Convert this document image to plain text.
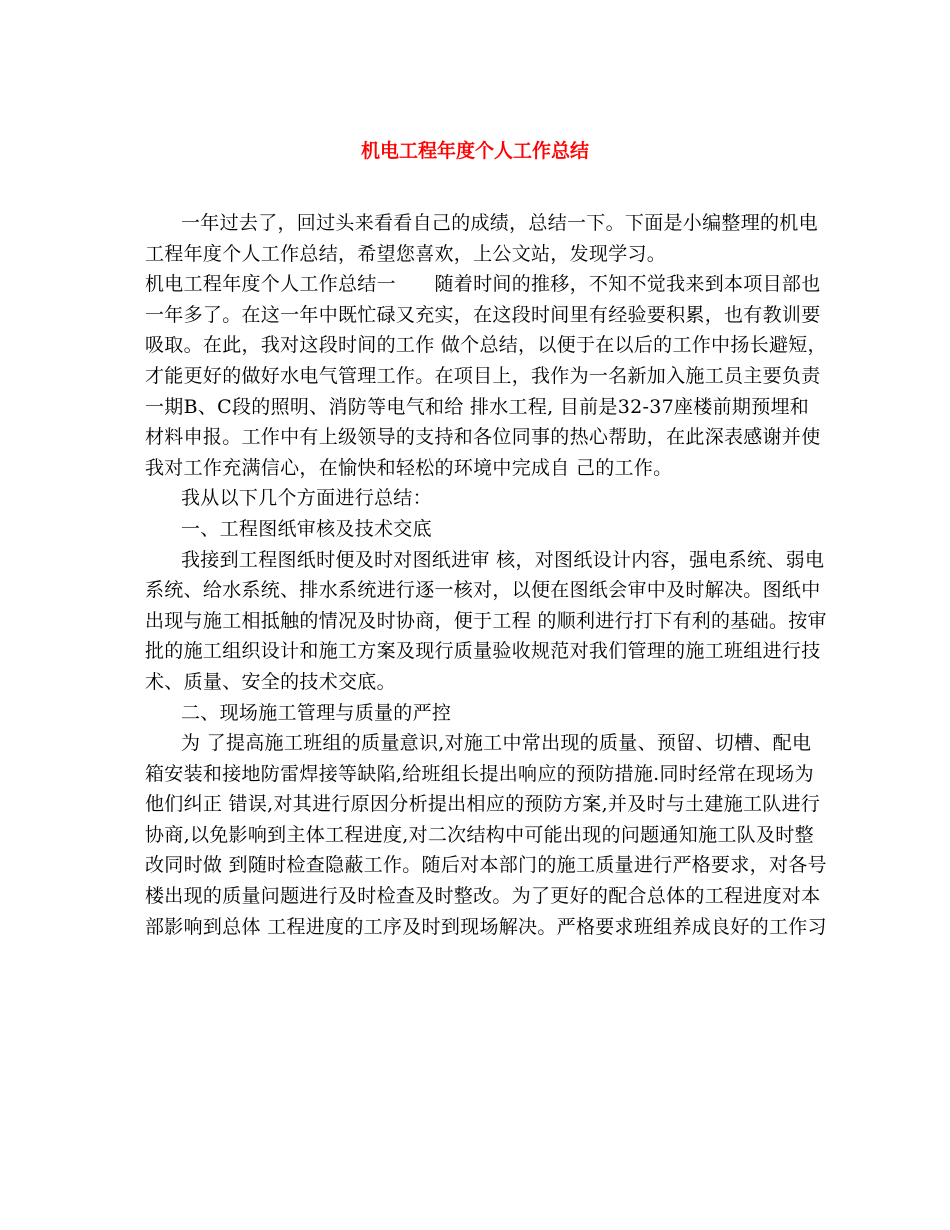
机电工程年度个人工作总结
一年过去了，回过头来看看自己的成绩，总结一下。下面是小编整理的机电
工程年度个人工作总结，希望您喜欢，上公文站，发现学习。
机电工程年度个人工作总结一　　随着时间的推移，不知不觉我来到本项目部也
一年多了。在这一年中既忙碌又充实，在这段时间里有经验要积累，也有教训要
吸取。在此，我对这段时间的工作 做个总结，以便于在以后的工作中扬长避短，
才能更好的做好水电气管理工作。在项目上，我作为一名新加入施工员主要负责
一期B、C段的照明、消防等电气和给 排水工程, 目前是32-37座楼前期预埋和
材料申报。工作中有上级领导的支持和各位同事的热心帮助，在此深表感谢并使
我对工作充满信心，在愉快和轻松的环境中完成自 己的工作。
我从以下几个方面进行总结：
一、工程图纸审核及技术交底
我接到工程图纸时便及时对图纸进审 核，对图纸设计内容，强电系统、弱电
系统、给水系统、排水系统进行逐一核对，以便在图纸会审中及时解决。图纸中
出现与施工相抵触的情况及时协商，便于工程 的顺利进行打下有利的基础。按审
批的施工组织设计和施工方案及现行质量验收规范对我们管理的施工班组进行技
术、质量、安全的技术交底。
二、现场施工管理与质量的严控
为 了提高施工班组的质量意识,对施工中常出现的质量、预留、切槽、配电
箱安装和接地防雷焊接等缺陷,给班组长提出响应的预防措施.同时经常在现场为
他们纠正 错误,对其进行原因分析提出相应的预防方案,并及时与土建施工队进行
协商,以免影响到主体工程进度,对二次结构中可能出现的问题通知施工队及时整
改同时做 到随时检查隐蔽工作。随后对本部门的施工质量进行严格要求，对各号
楼出现的质量问题进行及时检查及时整改。为了更好的配合总体的工程进度对本
部影响到总体 工程进度的工序及时到现场解决。严格要求班组养成良好的工作习
